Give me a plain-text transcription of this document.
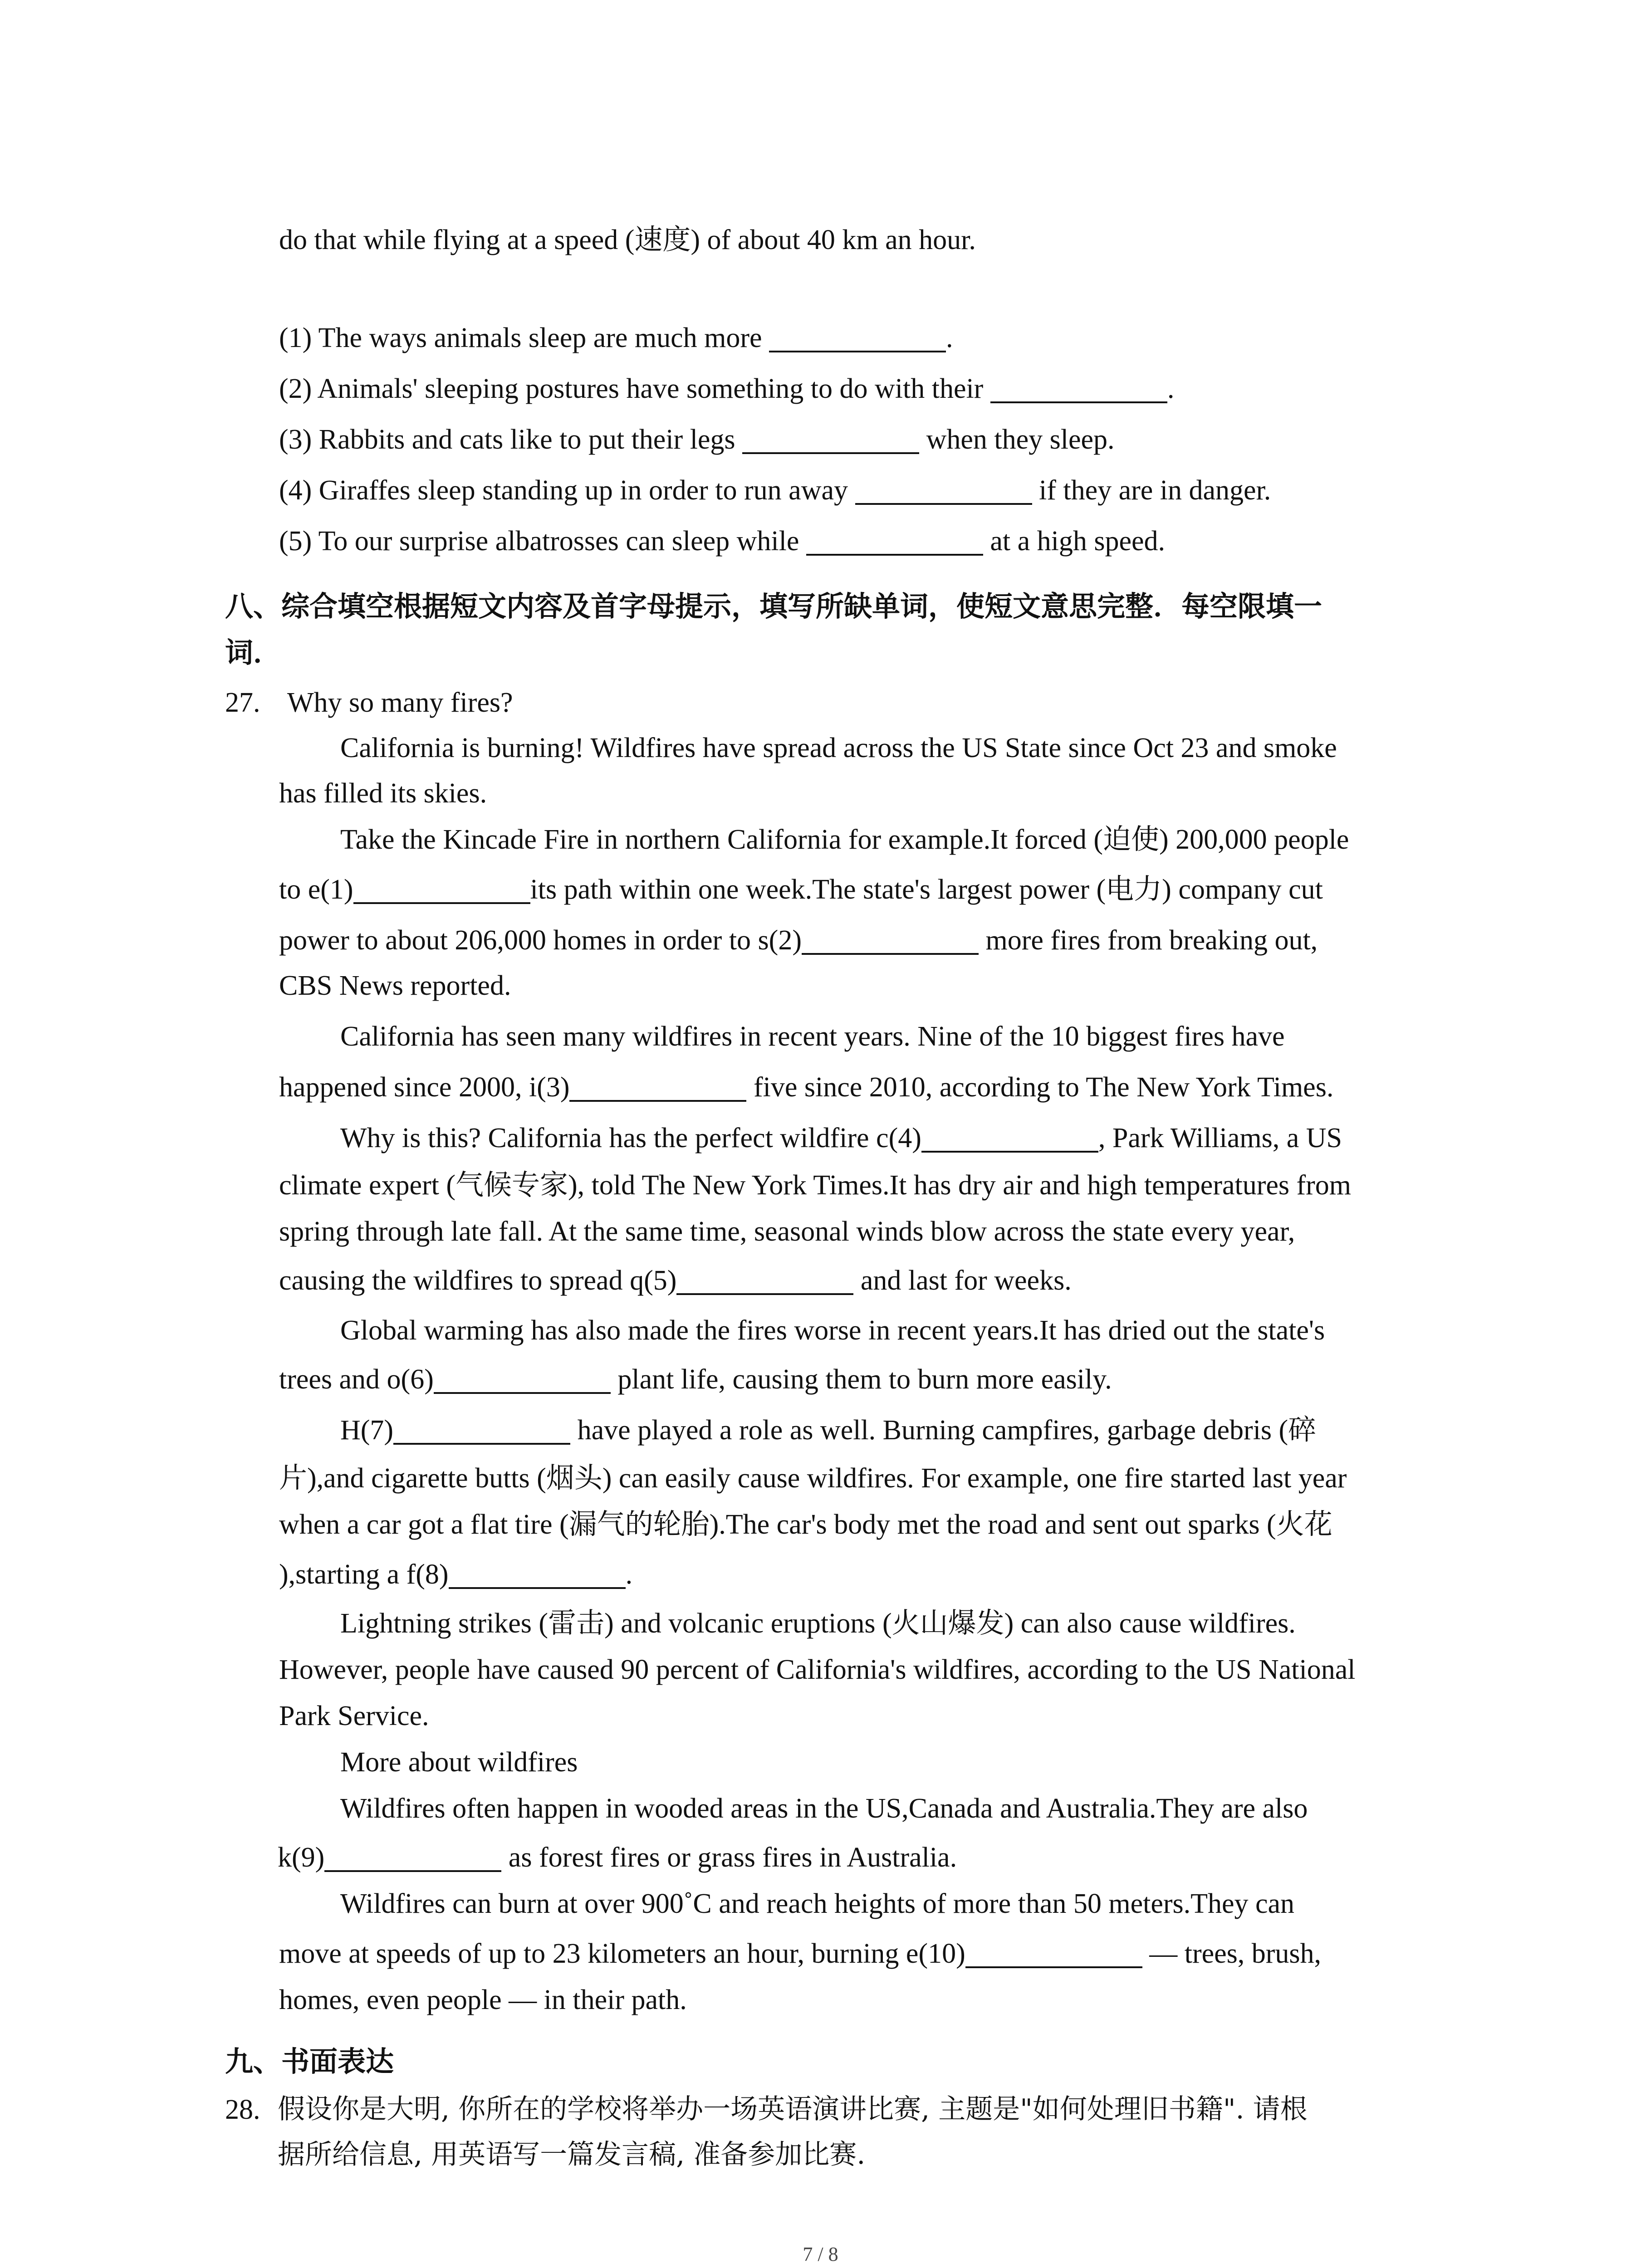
do that while flying at a speed (速度) of about 40 km an hour.
(1) The ways animals sleep are much more	.
(2) Animals' sleeping postures have something to do with their	.
(3) Rabbits and cats like to put their legs	when they sleep.
(4) Giraffes sleep standing up in order to run away	if they are in danger.
(5) To our surprise albatrosses can sleep while	at a high speed.
八、综合填空根据短文内容及首字母提示，填写所缺单词，使短文意思完整．每空限填一
词．
27. Why so many fires?
California is burning! Wildfires have spread across the US State since Oct 23 and smoke
has filled its skies.
Take the Kincade Fire in northern California for example.It forced (迫使) 200,000 people
to e(1)	its path within one week.The state's largest power (电力) company cut
power to about 206,000 homes in order to s(2)	more fires from breaking out,
CBS News reported.
California has seen many wildfires in recent years. Nine of the 10 biggest fires have
happened since 2000, i(3)	five since 2010, according to The New York Times.
Why is this? California has the perfect wildfire c(4)	, Park Williams, a US
climate expert (气候专家), told The New York Times.It has dry air and high temperatures from
spring through late fall. At the same time, seasonal winds blow across the state every year,
causing the wildfires to spread q(5)	and last for weeks.
Global warming has also made the fires worse in recent years.It has dried out the state's
trees and o(6)	plant life, causing them to burn more easily.
H(7)	have played a role as well. Burning campfires, garbage debris (碎
片),and cigarette butts (烟头) can easily cause wildfires. For example, one fire started last year
when a car got a flat tire (漏气的轮胎).The car's body met the road and sent out sparks (火花
),starting a f(8)	.
Lightning strikes (雷击) and volcanic eruptions (火山爆发) can also cause wildfires.
However, people have caused 90 percent of California's wildfires, according to the US National
Park Service.
More about wildfires
Wildfires often happen in wooded areas in the US,Canada and Australia.They are also
k(9)	as forest fires or grass fires in Australia.
Wildfires can burn at over 900˚C and reach heights of more than 50 meters.They can
move at speeds of up to 23 kilometers an hour, burning e(10)	— trees, brush,
homes, even people — in their path.
九、书面表达
28. 假设你是大明, 你所在的学校将举办一场英语演讲比赛, 主题是"如何处理旧书籍". 请根
据所给信息, 用英语写一篇发言稿, 准备参加比赛.
7 / 8
